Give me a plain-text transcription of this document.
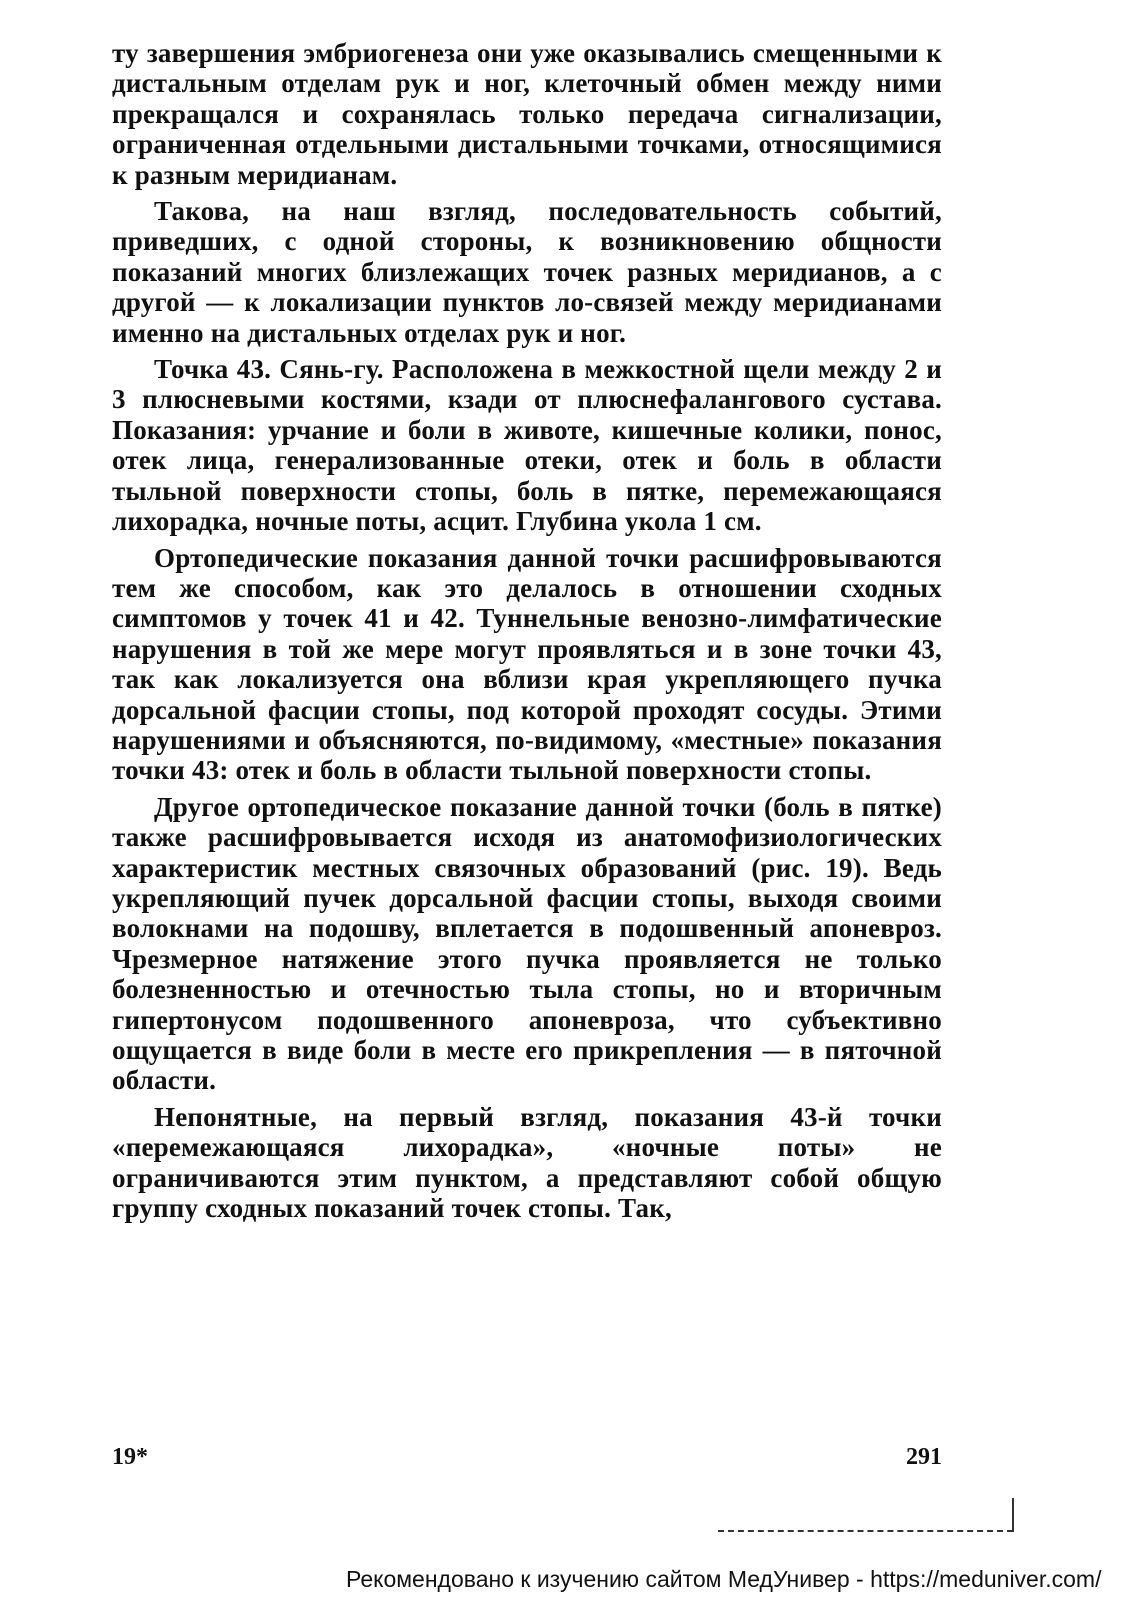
ту завершения эмбриогенеза они уже оказывались смещенными к дистальным отделам рук и ног, клеточный обмен между ними прекращался и сохранялась только передача сигнализации, ограниченная отдельными дистальными точками, относящимися к разным меридианам.

Такова, на наш взгляд, последовательность событий, приведших, с одной стороны, к возникновению общности показаний многих близлежащих точек разных меридианов, а с другой — к локализации пунктов ло-связей между меридианами именно на дистальных отделах рук и ног.

Точка 43. Сянь-гу. Расположена в межкостной щели между 2 и 3 плюсневыми костями, кзади от плюснефалангового сустава. Показания: урчание и боли в животе, кишечные колики, понос, отек лица, генерализованные отеки, отек и боль в области тыльной поверхности стопы, боль в пятке, перемежающаяся лихорадка, ночные поты, асцит. Глубина укола 1 см.

Ортопедические показания данной точки расшифровываются тем же способом, как это делалось в отношении сходных симптомов у точек 41 и 42. Туннельные венозно-лимфатические нарушения в той же мере могут проявляться и в зоне точки 43, так как локализуется она вблизи края укрепляющего пучка дорсальной фасции стопы, под которой проходят сосуды. Этими нарушениями и объясняются, по-видимому, «местные» показания точки 43: отек и боль в области тыльной поверхности стопы.

Другое ортопедическое показание данной точки (боль в пятке) также расшифровывается исходя из анатомофизиологических характеристик местных связочных образований (рис. 19). Ведь укрепляющий пучек дорсальной фасции стопы, выходя своими волокнами на подошву, вплетается в подошвенный апоневроз. Чрезмерное натяжение этого пучка проявляется не только болезненностью и отечностью тыла стопы, но и вторичным гипертонусом подошвенного апоневроза, что субъективно ощущается в виде боли в месте его прикрепления — в пяточной области.

Непонятные, на первый взгляд, показания 43-й точки «перемежающаяся лихорадка», «ночные поты» не ограничиваются этим пунктом, а представляют собой общую группу сходных показаний точек стопы. Так,

19*	291
Рекомендовано к изучению сайтом МедУнивер - https://meduniver.com/
